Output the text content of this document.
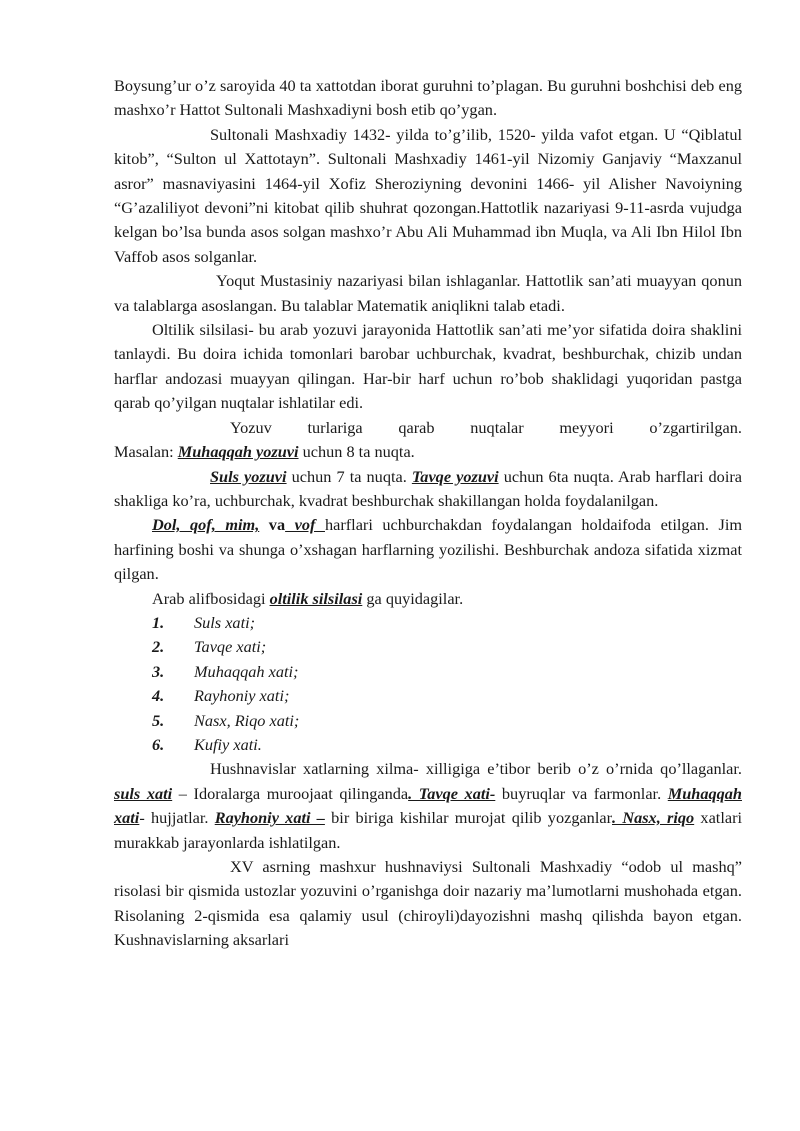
Boysung’ur o’z saroyida 40 ta xattotdan iborat guruhni to’plagan. Bu guruhni boshchisi deb eng mashxo’r Hattot Sultonali Mashxadiyni bosh etib qo’ygan.

Sultonali Mashxadiy 1432- yilda to’g’ilib, 1520- yilda vafot etgan. U “Qiblatul kitob”, “Sulton ul Xattotayn”. Sultonali Mashxadiy 1461-yil Nizomiy Ganjaviy “Maxzanul asror” masnaviyasini 1464-yil Xofiz Sheroziyning devonini 1466- yil Alisher Navoiyning “G’azaliliyot devoni”ni kitobat qilib shuhrat qozongan.Hattotlik nazariyasi 9-11-asrda vujudga kelgan bo’lsa bunda asos solgan mashxo’r Abu Ali Muhammad ibn Muqla, va Ali Ibn Hilol Ibn Vaffob asos solganlar.

Yoqut Mustasiniy nazariyasi bilan ishlaganlar. Hattotlik san’ati muayyan qonun va talablarga asoslangan. Bu talablar Matematik aniqlikni talab etadi.

Oltilik silsilasi- bu arab yozuvi jarayonida Hattotlik san’ati me’yor sifatida doira shaklini tanlaydi. Bu doira ichida tomonlari barobar uchburchak, kvadrat, beshburchak, chizib undan harflar andozasi muayyan qilingan. Har-bir harf uchun ro’bob shaklidagi yuqoridan pastga qarab qo’yilgan nuqtalar ishlatilar edi.

Yozuv turlariga qarab nuqtalar meyyori o’zgartirilgan.

Masalan: Muhaqqah yozuvi uchun 8 ta nuqta.

Suls yozuvi uchun 7 ta nuqta. Tavqe yozuvi uchun 6ta nuqta. Arab harflari doira shakliga ko’ra, uchburchak, kvadrat beshburchak shakillangan holda foydalanilgan.

Dol, qof, mim, va vof harflari uchburchakdan foydalangan holdaifoda etilgan. Jim harfining boshi va shunga o’xshagan harflarning yozilishi. Beshburchak andoza sifatida xizmat qilgan.

Arab alifbosidagi oltilik silsilasi ga quyidagilar.

1. Suls xati;
2. Tavqe xati;
3. Muhaqqah xati;
4. Rayhoniy xati;
5. Nasx, Riqo xati;
6. Kufiy xati.

Hushnavislar xatlarning xilma- xilligiga e’tibor berib o’z o’rnida qo’llaganlar. suls xati – Idoralarga muroojaat qilinganda. Tavqe xati- buyruqlar va farmonlar. Muhaqqah xati- hujjatlar. Rayhoniy xati – bir biriga kishilar murojat qilib yozganlar. Nasx, riqo xatlari murakkab jarayonlarda ishlatilgan.

XV asrning mashxur hushnaviysi Sultonali Mashxadiy “odob ul mashq” risolasi bir qismida ustozlar yozuvini o’rganishga doir nazariy ma’lumotlarni mushohada etgan. Risolaning 2-qismida esa qalamiy usul (chiroyli)dayozishni mashq qilishda bayon etgan. Kushnavislarning aksarlari
